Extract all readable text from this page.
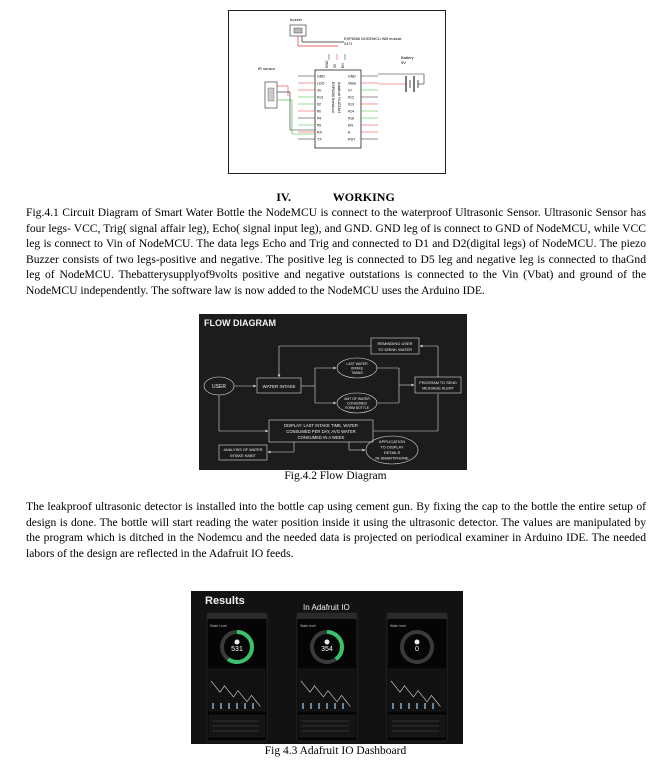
buzzer
ESP8266 NODEMCU Wifi module
2471
Adafruit HUZZAH
ESP8266 Breakout
GND 3V EN
GND
LDO
3V
#13
#2
#0
#4
#5
RX
TX
GND
VBat
V+
#12
#13
#14
#16
EN
A
RST
IR sensor
Battery
9V
IV.	WORKING

Fig.4.1 Circuit Diagram of Smart Water Bottle the NodeMCU is connect to the waterproof Ultrasonic Sensor. Ultrasonic Sensor has four legs- VCC, Trig( signal affair leg), Echo( signal input leg), and GND. GND leg of is connect to GND of NodeMCU, while VCC leg is connect to Vin of NodeMCU. The data legs Echo and Trig and connected to D1 and D2(digital legs) of NodeMCU. The piezo Buzzer consists of two legs-positive and negative. The positive leg is connected to D5 leg and negative leg is connected to thaGnd leg of NodeMCU. Thebatterysupplyof9volts positive and negative outstations is connected to the Vin (Vbat) and ground of the NodeMCU independently. The software law is now added to the NodeMCU uses the Arduino IDE.

FLOW DIAGRAM
REMINDING USER
TO DRINK WATER
USER	WATER INTAKE
LAST WATER
INTAKE
TIMING
AMT OF WATER
CONSUMED
FORM BOTTLE
PROGRAM TO SEND
MESSAGE ALERT
DISPLAY: LAST INTAKE TIME, WATER
CONSUMED PER DAY, AVG WATER
CONSUMED IN A WEEK
ANALYSIS OF WATER
INTAKE HABIT
APPLICATION
TO DISPLAY
DETAILS
IN SMARTPHONE
Fig.4.2 Flow Diagram

The leakproof ultrasonic detector is installed into the bottle cap using cement gun. By fixing the cap to the bottle the entire setup of design is done. The bottle will start reading the water position inside it using the ultrasonic detector. The values are manipulated by the program which is ditched in the Nodemcu and the needed data is projected on periodical examiner in Arduino IDE. The needed labors of the design are reflected in the Adafruit IO feeds.

Results
In Adafruit IO
Water Level
531
Water level
354
Water level
0
Fig 4.3 Adafruit IO Dashboard
